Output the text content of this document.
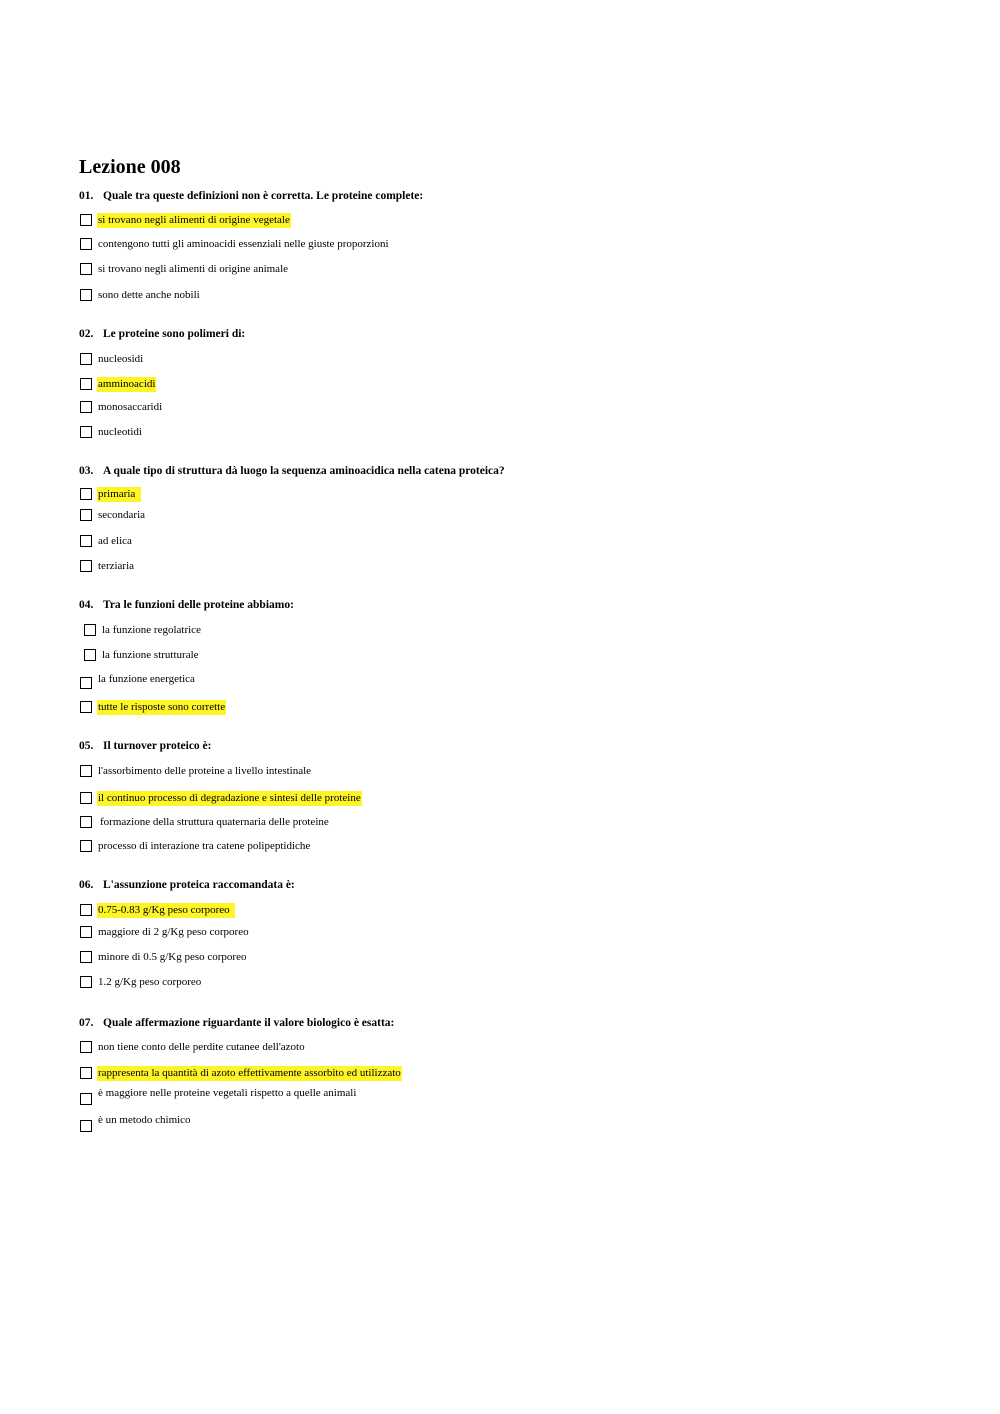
Lezione 008
01. Quale tra queste definizioni non è corretta. Le proteine complete:
si trovano negli alimenti di origine vegetale
contengono tutti gli aminoacidi essenziali nelle giuste proporzioni
si trovano negli alimenti di origine animale
sono dette anche nobili
02. Le proteine sono polimeri di:
nucleosidi
amminoacidi
monosaccaridi
nucleotidi
03. A quale tipo di struttura dà luogo la sequenza aminoacidica nella catena proteica?
primaria
secondaria
ad elica
terziaria
04. Tra le funzioni delle proteine abbiamo:
la funzione regolatrice
la funzione strutturale
la funzione energetica
tutte le risposte sono corrette
05. Il turnover proteico è:
l'assorbimento delle proteine a livello intestinale
il continuo processo di degradazione e sintesi delle proteine
formazione della struttura quaternaria delle proteine
processo di interazione tra catene polipeptidiche
06. L'assunzione proteica raccomandata è:
0.75-0.83 g/Kg peso corporeo
maggiore di 2 g/Kg peso corporeo
minore di 0.5 g/Kg peso corporeo
1.2 g/Kg peso corporeo
07. Quale affermazione riguardante il valore biologico è esatta:
non tiene conto delle perdite cutanee dell'azoto
rappresenta la quantità di azoto effettivamente assorbito ed utilizzato
è maggiore nelle proteine vegetali rispetto a quelle animali
è un metodo chimico
